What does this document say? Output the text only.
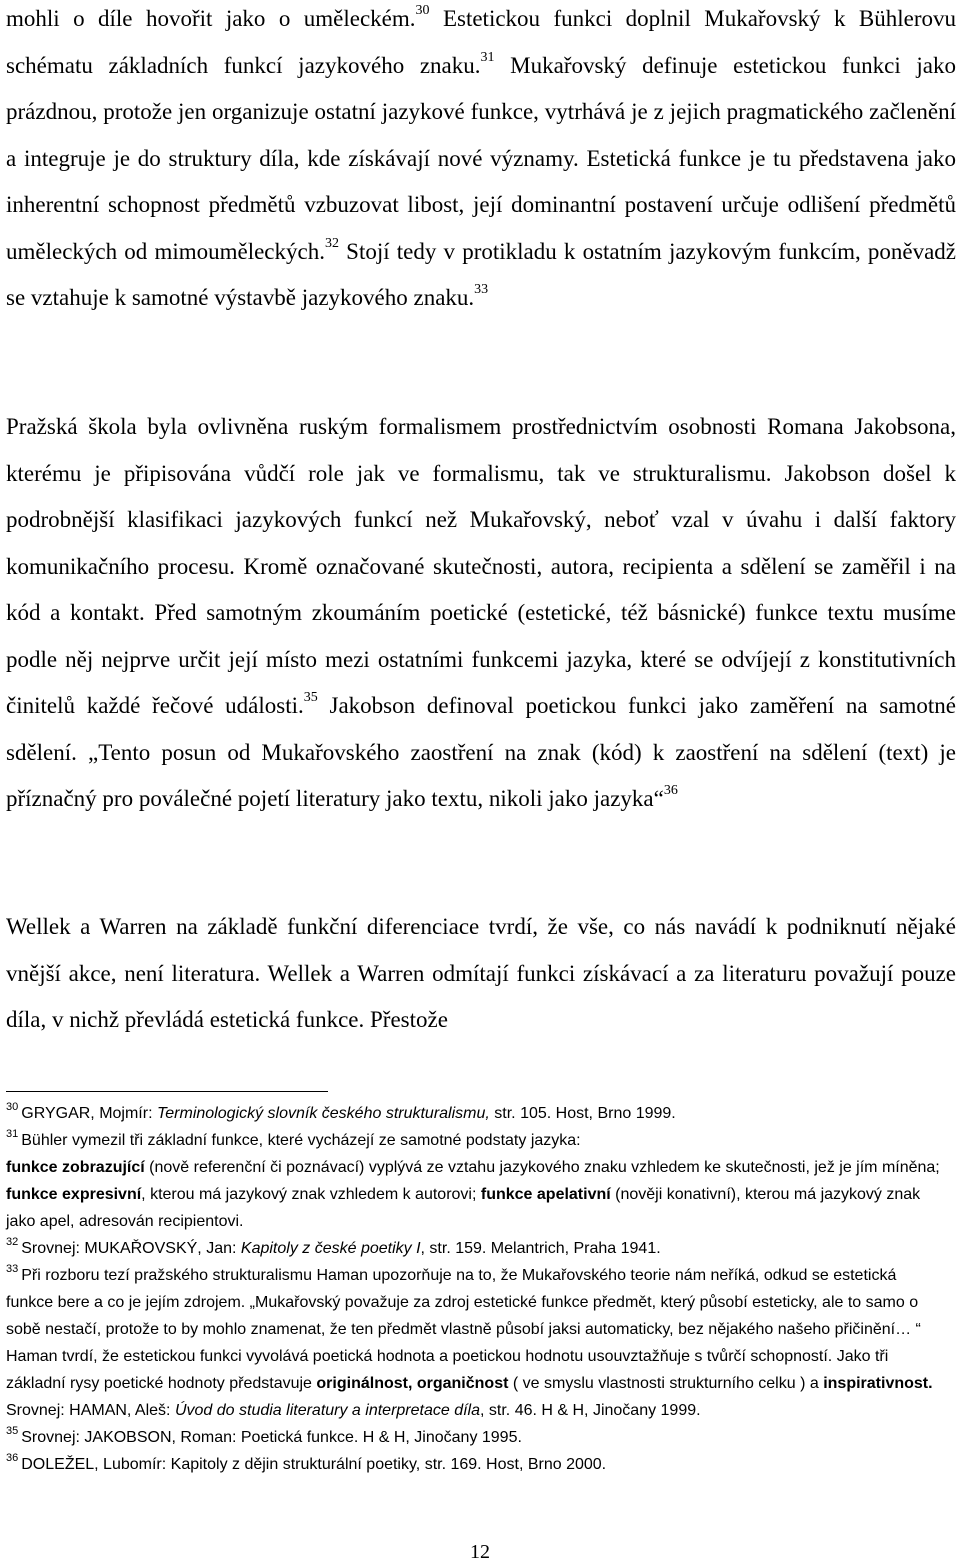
mohli o díle hovořit jako o uměleckém.$^{30}$ Estetickou funkci doplnil Mukařovský k Bühlerovu schématu základních funkcí jazykového znaku.$^{31}$ Mukařovský definuje estetickou funkci jako prázdnou, protože jen organizuje ostatní jazykové funkce, vytrhává je z jejich pragmatického začlenění a integruje je do struktury díla, kde získávají nové významy. Estetická funkce je tu představena jako inherentní schopnost předmětů vzbuzovat libost, její dominantní postavení určuje odlišení předmětů uměleckých od mimouměleckých.$^{32}$ Stojí tedy v protikladu k ostatním jazykovým funkcím, poněvadž se vztahuje k samotné výstavbě jazykového znaku.$^{33}$

Pražská škola byla ovlivněna ruským formalismem prostřednictvím osobnosti Romana Jakobsona, kterému je připisována vůdčí role jak ve formalismu, tak ve strukturalismu. Jakobson došel k podrobnější klasifikaci jazykových funkcí než Mukařovský, neboť vzal v úvahu i další faktory komunikačního procesu. Kromě označované skutečnosti, autora, recipienta a sdělení se zaměřil i na kód a kontakt. Před samotným zkoumáním poetické (estetické, též básnické) funkce textu musíme podle něj nejprve určit její místo mezi ostatními funkcemi jazyka, které se odvíjejí z konstitutivních činitelů každé řečové události.$^{35}$ Jakobson definoval poetickou funkci jako zaměření na samotné sdělení. „Tento posun od Mukařovského zaostření na znak (kód) k zaostření na sdělení (text) je příznačný pro poválečné pojetí literatury jako textu, nikoli jako jazyka“$^{36}$

Wellek a Warren na základě funkční diferenciace tvrdí, že vše, co nás navádí k podniknutí nějaké vnější akce, není literatura. Wellek a Warren odmítají funkci získávací a za literaturu považují pouze díla, v nichž převládá estetická funkce. Přestože

$^{30}$ GRYGAR, Mojmír: Terminologický slovník českého strukturalismu, str. 105. Host, Brno 1999.

$^{31}$ Bühler vymezil tři základní funkce, které vycházejí ze samotné podstaty jazyka:
funkce zobrazující (nově referenční či poznávací) vyplývá ze vztahu jazykového znaku vzhledem ke skutečnosti, jež je jím míněna; funkce expresivní, kterou má jazykový znak vzhledem k autorovi; funkce apelativní (nověji konativní), kterou má jazykový znak jako apel, adresován recipientovi.

$^{32}$ Srovnej: MUKAŘOVSKÝ, Jan: Kapitoly z české poetiky I, str. 159. Melantrich, Praha 1941.

$^{33}$ Při rozboru tezí pražského strukturalismu Haman upozorňuje na to, že Mukařovského teorie nám neříká, odkud se estetická funkce bere a co je jejím zdrojem. „Mukařovský považuje za zdroj estetické funkce předmět, který působí esteticky, ale to samo o sobě nestačí, protože to by mohlo znamenat, že ten předmět vlastně působí jaksi automaticky, bez nějakého našeho přičinění… “ Haman tvrdí, že estetickou funkci vyvolává poetická hodnota a poetickou hodnotu usouvztažňuje s tvůrčí schopností. Jako tři základní rysy poetické hodnoty představuje originálnost, organičnost ( ve smyslu vlastnosti strukturního celku ) a inspirativnost. Srovnej: HAMAN, Aleš: Úvod do studia literatury a interpretace díla, str. 46. H & H, Jinočany 1999.

$^{35}$ Srovnej: JAKOBSON, Roman: Poetická funkce. H & H, Jinočany 1995.

$^{36}$ DOLEŽEL, Lubomír: Kapitoly z dějin strukturální poetiky, str. 169. Host, Brno 2000.

12
